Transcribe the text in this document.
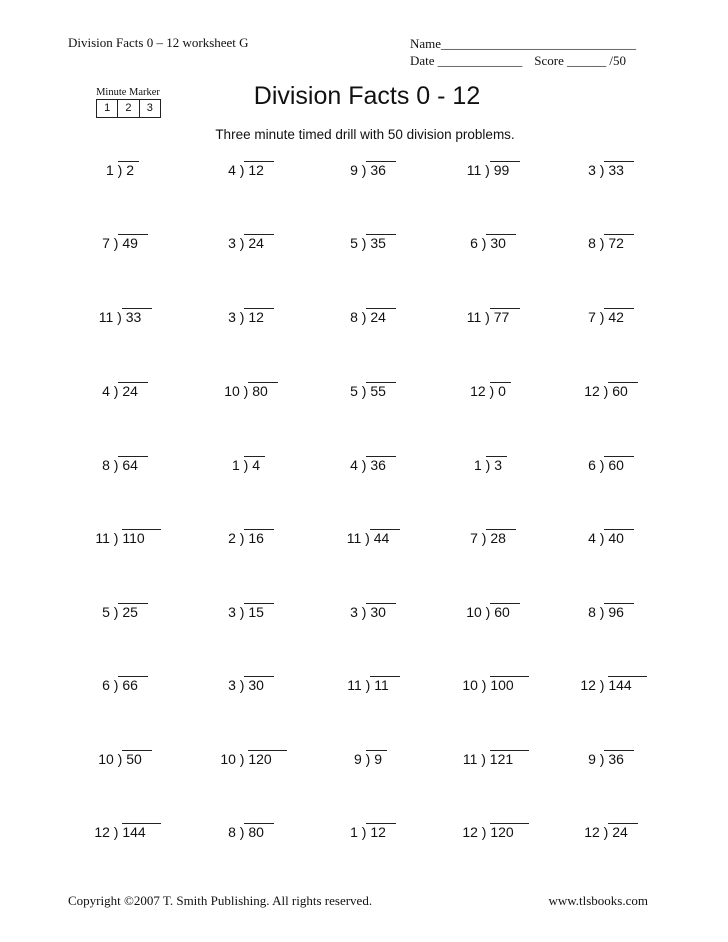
Division Facts 0 – 12 worksheet G	Name______________________________
Date _____________ Score ______ /50
Minute Marker
1	2	3	Division Facts 0 - 12
Three minute timed drill with 50 division problems.
1 ) 2	4 ) 12	9 ) 36	11 ) 99	3 ) 33
7 ) 49	3 ) 24	5 ) 35	6 ) 30	8 ) 72
11 ) 33	3 ) 12	8 ) 24	11 ) 77	7 ) 42
4 ) 24	10 ) 80	5 ) 55	12 ) 0	12 ) 60
8 ) 64	1 ) 4	4 ) 36	1 ) 3	6 ) 60
11 ) 110	2 ) 16	11 ) 44	7 ) 28	4 ) 40
5 ) 25	3 ) 15	3 ) 30	10 ) 60	8 ) 96
6 ) 66	3 ) 30	11 ) 11	10 ) 100	12 ) 144
10 ) 50	10 ) 120	9 ) 9	11 ) 121	9 ) 36
12 ) 144	8 ) 80	1 ) 12	12 ) 120	12 ) 24
Copyright ©2007 T. Smith Publishing. All rights reserved.	www.tlsbooks.com
